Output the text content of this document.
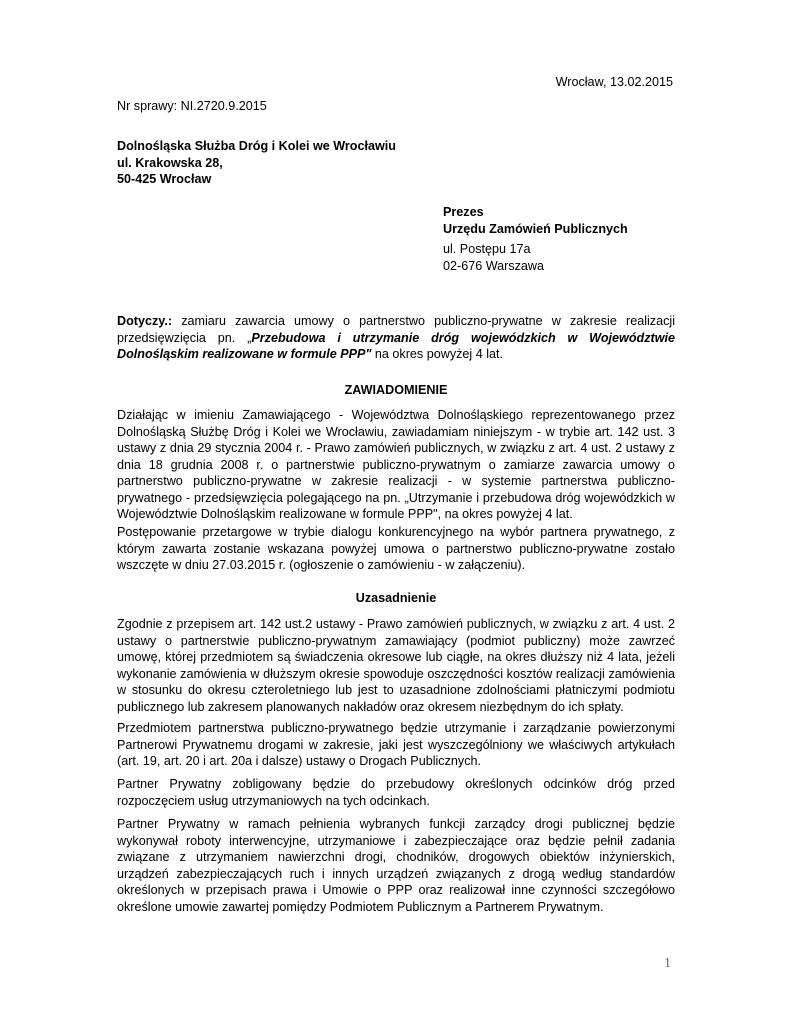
Wrocław, 13.02.2015
Nr sprawy: NI.2720.9.2015
Dolnośląska Służba Dróg i Kolei we Wrocławiu
ul. Krakowska 28,
50-425 Wrocław
Prezes
Urzędu Zamówień Publicznych
ul. Postępu 17a
02-676 Warszawa

Dotyczy.: zamiaru zawarcia umowy o partnerstwo publiczno-prywatne w zakresie realizacji przedsięwzięcia pn. „Przebudowa i utrzymanie dróg wojewódzkich w Województwie Dolnośląskim realizowane w formule PPP" na okres powyżej 4 lat.

ZAWIADOMIENIE

Działając w imieniu Zamawiającego - Województwa Dolnośląskiego reprezentowanego przez Dolnośląską Służbę Dróg i Kolei we Wrocławiu, zawiadamiam niniejszym - w trybie art. 142 ust. 3 ustawy z dnia 29 stycznia 2004 r. - Prawo zamówień publicznych, w związku z art. 4 ust. 2 ustawy z dnia 18 grudnia 2008 r. o partnerstwie publiczno-prywatnym o zamiarze zawarcia umowy o partnerstwo publiczno-prywatne w zakresie realizacji - w systemie partnerstwa publiczno-prywatnego - przedsięwzięcia polegającego na pn. „Utrzymanie i przebudowa dróg wojewódzkich w Województwie Dolnośląskim realizowane w formule PPP", na okres powyżej 4 lat.

Postępowanie przetargowe w trybie dialogu konkurencyjnego na wybór partnera prywatnego, z którym zawarta zostanie wskazana powyżej umowa o partnerstwo publiczno-prywatne zostało wszczęte w dniu 27.03.2015 r. (ogłoszenie o zamówieniu - w załączeniu).

Uzasadnienie

Zgodnie z przepisem art. 142 ust.2 ustawy - Prawo zamówień publicznych, w związku z art. 4 ust. 2 ustawy o partnerstwie publiczno-prywatnym zamawiający (podmiot publiczny) może zawrzeć umowę, której przedmiotem są świadczenia okresowe lub ciągłe, na okres dłuższy niż 4 lata, jeżeli wykonanie zamówienia w dłuższym okresie spowoduje oszczędności kosztów realizacji zamówienia w stosunku do okresu czteroletniego lub jest to uzasadnione zdolnościami płatniczymi podmiotu publicznego lub zakresem planowanych nakładów oraz okresem niezbędnym do ich spłaty.

Przedmiotem partnerstwa publiczno-prywatnego będzie utrzymanie i zarządzanie powierzonymi Partnerowi Prywatnemu drogami w zakresie, jaki jest wyszczególniony we właściwych artykułach (art. 19, art. 20 i art. 20a i dalsze) ustawy o Drogach Publicznych.

Partner Prywatny zobligowany będzie do przebudowy określonych odcinków dróg przed rozpoczęciem usług utrzymaniowych na tych odcinkach.

Partner Prywatny w ramach pełnienia wybranych funkcji zarządcy drogi publicznej będzie wykonywał roboty interwencyjne, utrzymaniowe i zabezpieczające oraz będzie pełnił zadania związane z utrzymaniem nawierzchni drogi, chodników, drogowych obiektów inżynierskich, urządzeń zabezpieczających ruch i innych urządzeń związanych z drogą według standardów określonych w przepisach prawa i Umowie o PPP oraz realizował inne czynności szczegółowo określone umowie zawartej pomiędzy Podmiotem Publicznym a Partnerem Prywatnym.

1
